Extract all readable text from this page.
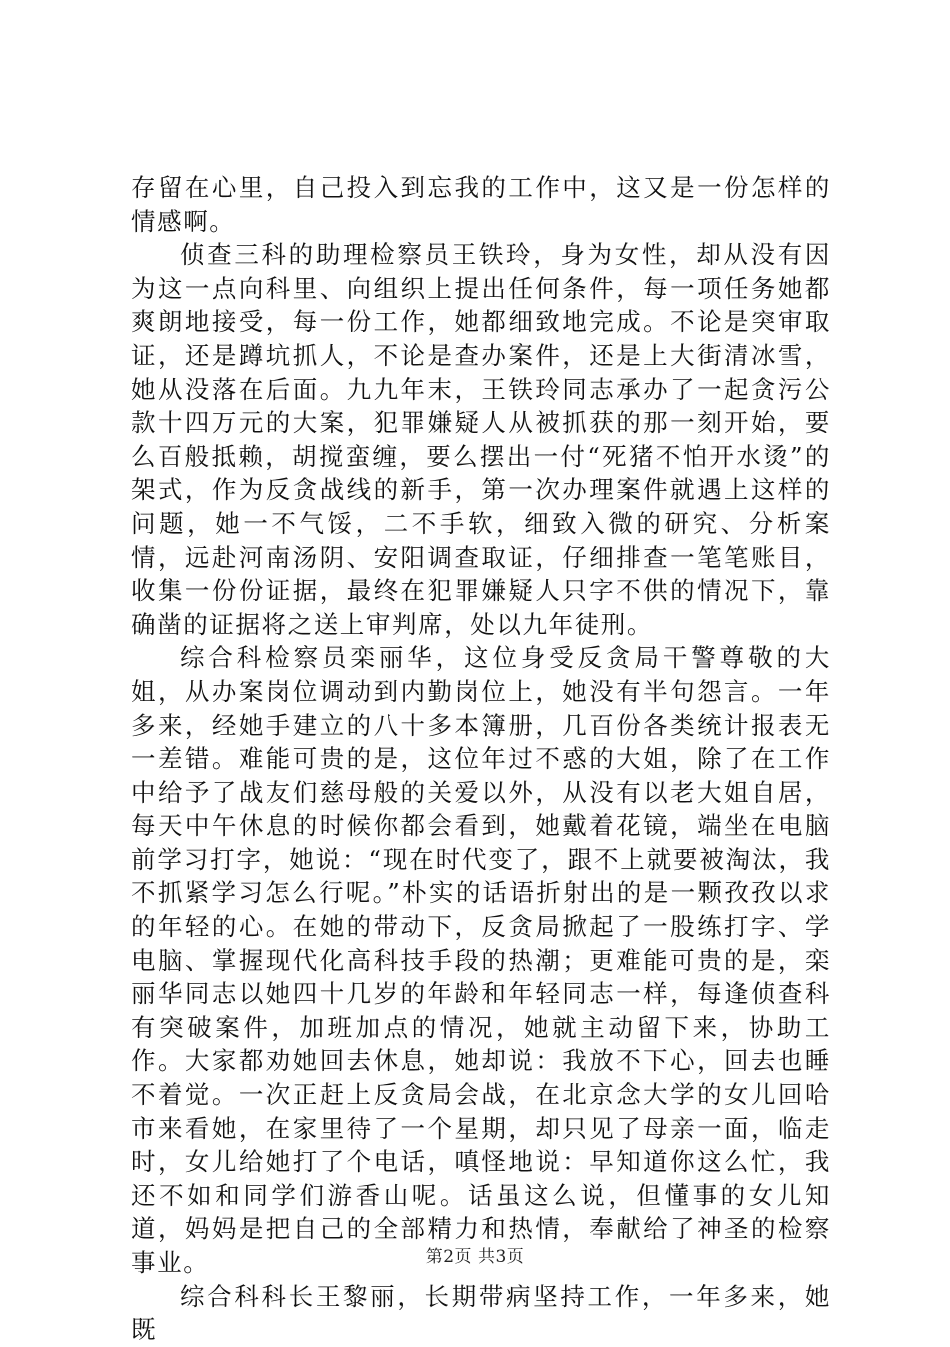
存留在心里，自己投入到忘我的工作中，这又是一份怎样的情感啊。

侦查三科的助理检察员王铁玲，身为女性，却从没有因为这一点向科里、向组织上提出任何条件，每一项任务她都爽朗地接受，每一份工作，她都细致地完成。不论是突审取证，还是蹲坑抓人，不论是查办案件，还是上大街清冰雪，她从没落在后面。九九年末，王铁玲同志承办了一起贪污公款十四万元的大案，犯罪嫌疑人从被抓获的那一刻开始，要么百般抵赖，胡搅蛮缠，要么摆出一付“死猪不怕开水烫”的架式，作为反贪战线的新手，第一次办理案件就遇上这样的问题，她一不气馁，二不手软，细致入微的研究、分析案情，远赴河南汤阴、安阳调查取证，仔细排查一笔笔账目，收集一份份证据，最终在犯罪嫌疑人只字不供的情况下，靠确凿的证据将之送上审判席，处以九年徒刑。

综合科检察员栾丽华，这位身受反贪局干警尊敬的大姐，从办案岗位调动到内勤岗位上，她没有半句怨言。一年多来，经她手建立的八十多本簿册，几百份各类统计报表无一差错。难能可贵的是，这位年过不惑的大姐，除了在工作中给予了战友们慈母般的关爱以外，从没有以老大姐自居，每天中午休息的时候你都会看到，她戴着花镜，端坐在电脑前学习打字，她说：“现在时代变了，跟不上就要被淘汰，我不抓紧学习怎么行呢。”朴实的话语折射出的是一颗孜孜以求的年轻的心。在她的带动下，反贪局掀起了一股练打字、学电脑、掌握现代化高科技手段的热潮；更难能可贵的是，栾丽华同志以她四十几岁的年龄和年轻同志一样，每逢侦查科有突破案件，加班加点的情况，她就主动留下来，协助工作。大家都劝她回去休息，她却说：我放不下心，回去也睡不着觉。一次正赶上反贪局会战，在北京念大学的女儿回哈市来看她，在家里待了一个星期，却只见了母亲一面，临走时，女儿给她打了个电话，嗔怪地说：早知道你这么忙，我还不如和同学们游香山呢。话虽这么说，但懂事的女儿知道，妈妈是把自己的全部精力和热情，奉献给了神圣的检察事业。

综合科科长王黎丽，长期带病坚持工作，一年多来，她既

第2页 共3页
